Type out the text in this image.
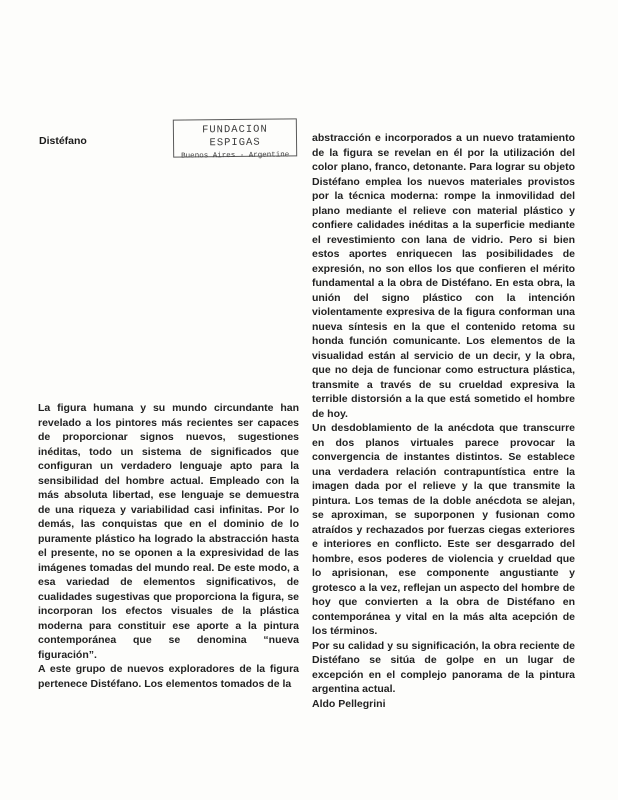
Distéfano
FUNDACION ESPIGAS
Buenos Aires - Argentine

La figura humana y su mundo circundante han revelado a los pintores más recientes ser capaces de proporcionar signos nuevos, sugestiones inéditas, todo un sistema de significados que configuran un verdadero lenguaje apto para la sensibilidad del hombre actual. Empleado con la más absoluta libertad, ese lenguaje se demuestra de una riqueza y variabilidad casi infinitas. Por lo demás, las conquistas que en el dominio de lo puramente plástico ha logrado la abstracción hasta el presente, no se oponen a la expresividad de las imágenes tomadas del mundo real. De este modo, a esa variedad de elementos significativos, de cualidades sugestivas que proporciona la figura, se incorporan los efectos visuales de la plástica moderna para constituir ese aporte a la pintura contemporánea que se denomina “nueva figuración”.

A este grupo de nuevos exploradores de la figura pertenece Distéfano. Los elementos tomados de la

abstracción e incorporados a un nuevo tratamiento de la figura se revelan en él por la utilización del color plano, franco, detonante. Para lograr su objeto Distéfano emplea los nuevos materiales provistos por la técnica moderna: rompe la inmovilidad del plano mediante el relieve con material plástico y confiere calidades inéditas a la superficie mediante el revestimiento con lana de vidrio. Pero si bien estos aportes enriquecen las posibilidades de expresión, no son ellos los que confieren el mérito fundamental a la obra de Distéfano. En esta obra, la unión del signo plástico con la intención violentamente expresiva de la figura conforman una nueva síntesis en la que el contenido retoma su honda función comunicante. Los elementos de la visualidad están al servicio de un decir, y la obra, que no deja de funcionar como estructura plástica, transmite a través de su crueldad expresiva la terrible distorsión a la que está sometido el hombre de hoy.

Un desdoblamiento de la anécdota que transcurre en dos planos virtuales parece provocar la convergencia de instantes distintos. Se establece una verdadera relación contrapuntística entre la imagen dada por el relieve y la que transmite la pintura. Los temas de la doble anécdota se alejan, se aproximan, se suporponen y fusionan como atraídos y rechazados por fuerzas ciegas exteriores e interiores en conflicto. Este ser desgarrado del hombre, esos poderes de violencia y crueldad que lo aprisionan, ese componente angustiante y grotesco a la vez, reflejan un aspecto del hombre de hoy que convierten a la obra de Distéfano en contemporánea y vital en la más alta acepción de los términos.

Por su calidad y su significación, la obra reciente de Distéfano se sitúa de golpe en un lugar de excepción en el complejo panorama de la pintura argentina actual.

Aldo Pellegrini
